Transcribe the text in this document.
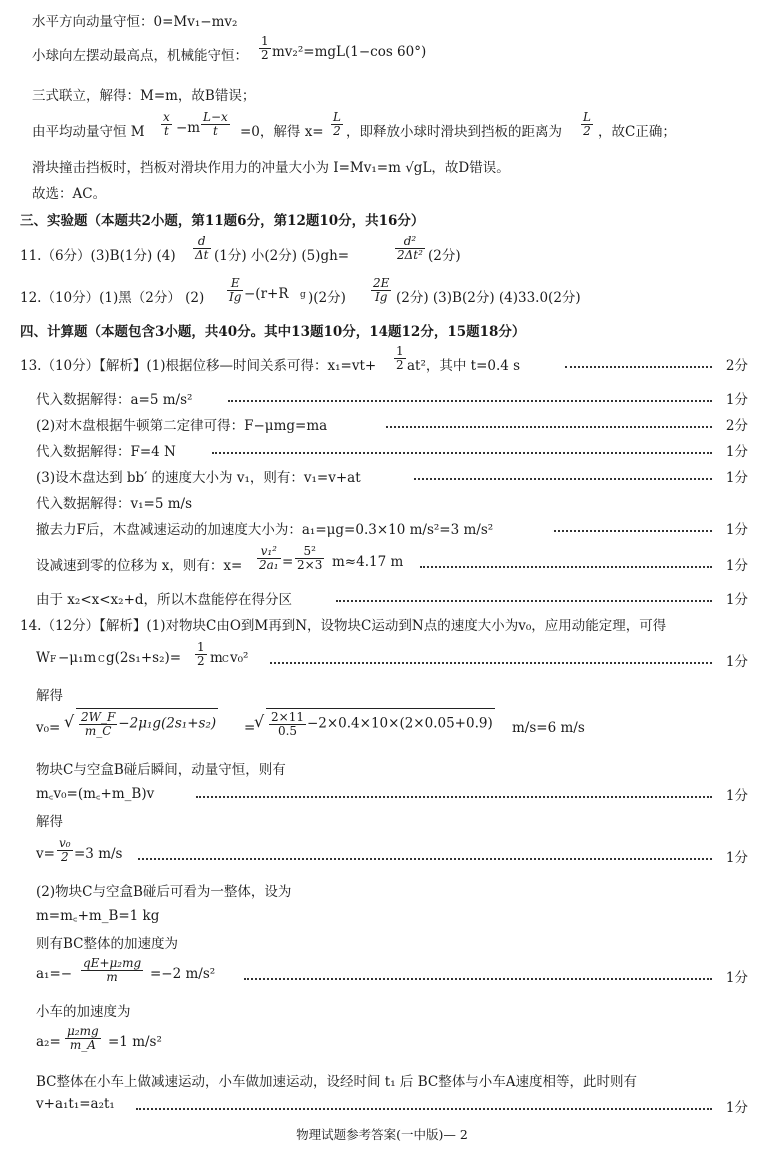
水平方向动量守恒：0=Mv₁−mv₂
小球向左摆动最高点，机械能守恒： $\frac{1}{2} mv_2^2=mgL(1-\cos$ 60°)
三式联立，解得：M=m，故B错误；
由平均动量守恒 M $\frac{x}{t} -m \frac{L-x}{t} =0$，解得 $x= \frac{L}{2}$ ，即释放小球时滑块到挡板的距离为 $\frac{L}{2}$ ，故C正确；
滑块撞击挡板时，挡板对滑块作用力的冲量大小为 I=Mv₁=m √gL，故D错误。
故选：AC。
三、实验题（本题共2小题，第11题6分，第12题10分，共16分）
11.（6分）(3)B(1分) $(4) \frac{d}{\Delta t} (1$分) 小(2分) (5)gh=	$\frac{\text{d²}}{\text{2Δt²}} (2$分)
12.（10分）(1)黑（2分） $(2) \frac{E}{Ig} -(r+R$ g )(2分) $\frac{2E}{Ig} (2$分) (3)B(2分) (4)33.0(2分)
四、计算题（本题包含3小题，共40分。其中13题10分，14题12分，15题18分）
13.（10分）【解析】(1)根据位移—时间关系可得：$x_1=vt+ \frac{1}{2} at^2$，其中 t=0.4 s	2分
代入数据解得：a=5 m/s²	1分
(2)对木盘根据牛顿第二定律可得：F−μmg=ma	2分
代入数据解得：F=4 N	1分
(3)设木盘达到 bb′ 的速度大小为 v₁，则有：v₁=v+at	1分
代入数据解得：v₁=5 m/s
撤去力F后，木盘减速运动的加速度大小为：a₁=μg=0.3×10 m/s²=3 m/s²	1分
设减速到零的位移为 x，则有：$x= \frac{\text{v₁²}}{\text{2a₁}} = \frac{\text{5²}}{2\times 3} m\approx 4.17$ m	1分
由于 x₂<x<x₂+d，所以木盘能停在得分区	1分
14.（12分）【解析】(1)对物块C由O到M再到N，设物块C运动到N点的速度大小为v₀，应用动能定理，可得
W F −μ₁m C $g(2s_1+s_2)= \frac{1}{2}$ m C v₀²	1分
解得
v₀= √ $\frac{2W\_F}{m\_C} -2\mu_1g(2s_1+s_2)$ =
√ $\frac{2\times 11}{0.5} -2\times 0.4\times 10\times(2\times 0.05+0.9)$ m/s=6 m/s
物块C与空盒B碰后瞬间，动量守恒，则有
m꜀v₀=(m꜀+m_B)v	1分
解得
$v= \frac{\text{v₀}}{2} =3$ m/s	1分
(2)物块C与空盒B碰后可看为一整体，设为
m=m꜀+m_B=1 kg
则有BC整体的加速度为
$a_1=- \frac{\text{qE+μ₂mg}}{m} =-2$ m/s²	1分
小车的加速度为
$a_2= \frac{\text{μ₂mg}}{m\_A} =1$ m/s²
BC整体在小车上做减速运动，小车做加速运动，设经时间 t₁ 后 BC整体与小车A速度相等，此时则有
v+a₁t₁=a₂t₁	1分
物理试题参考答案(一中版)— 2
